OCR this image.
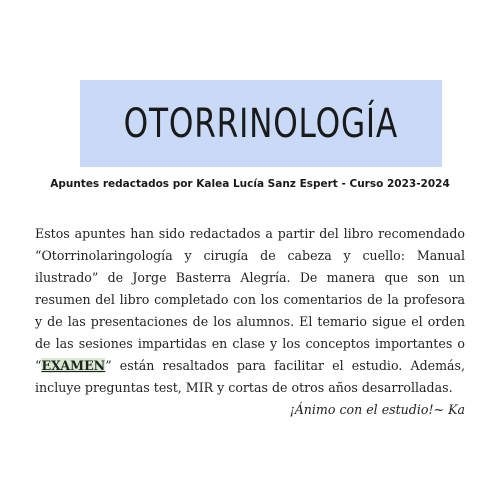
OTORRINOLOGÍA
Apuntes redactados por Kalea Lucía Sanz Espert - Curso 2023-2024

Estos apuntes han sido redactados a partir del libro recomendado “Otorrinolaringología y cirugía de cabeza y cuello: Manual ilustrado” de Jorge Basterra Alegría. De manera que son un resumen del libro completado con los comentarios de la profesora y de las presentaciones de los alumnos. El temario sigue el orden de las sesiones impartidas en clase y los conceptos importantes o “EXAMEN” están resaltados para facilitar el estudio. Además, incluye preguntas test, MIR y cortas de otros años desarrolladas.

¡Ánimo con el estudio!~ Ka
